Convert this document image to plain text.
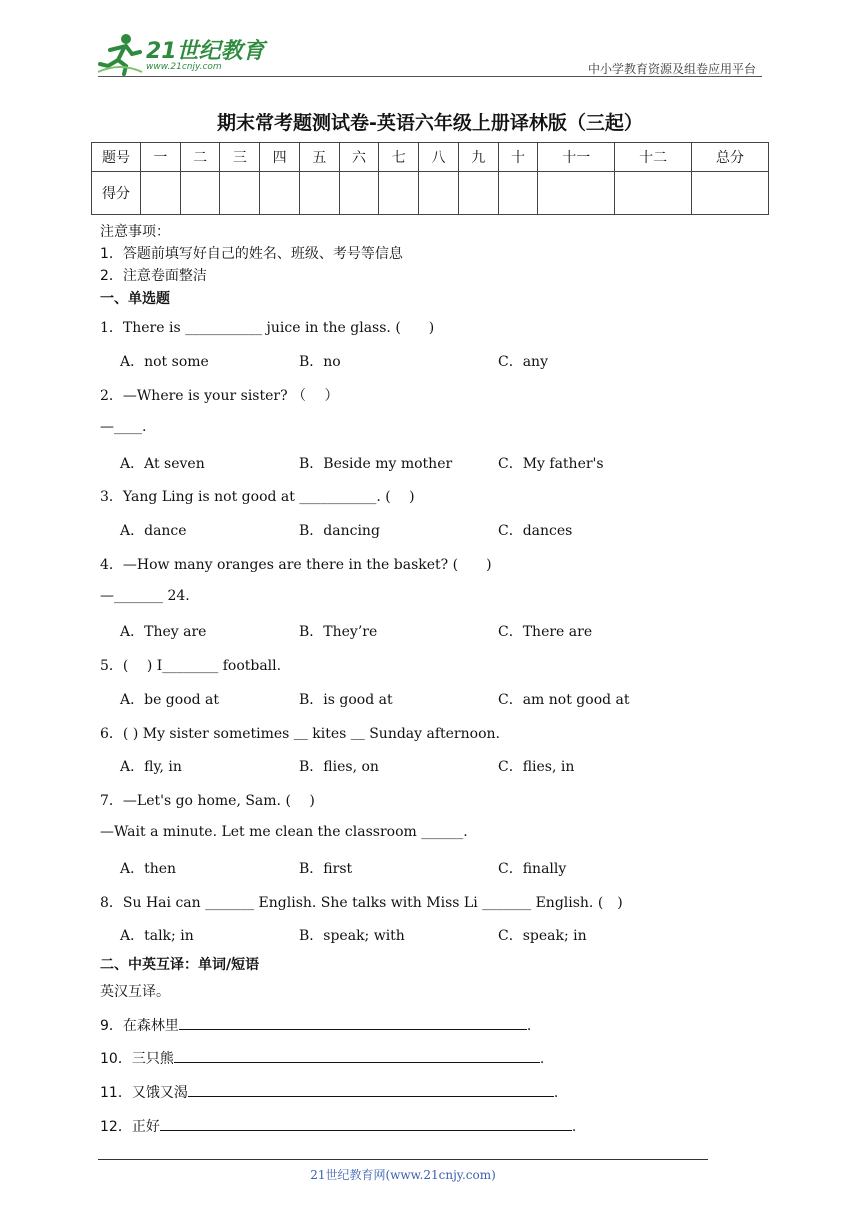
21世纪教育
www.21cnjy.com	中小学教育资源及组卷应用平台
期末常考题测试卷-英语六年级上册译林版（三起）
题号	一	二	三	四	五	六	七	八	九	十	十一	十二	总分
得分													
注意事项：
1．答题前填写好自己的姓名、班级、考号等信息
2．注意卷面整洁
一、单选题
1．There is ___________ juice in the glass. (　　)
A．not some	B．no	C．any
2．—Where is your sister? （　 ）
—____.
A．At seven	B．Beside my mother	C．My father's
3．Yang Ling is not good at ___________. (　 )
A．dance	B．dancing	C．dances
4．—How many oranges are there in the basket? (　　)
—_______ 24.
A．They are	B．They’re	C．There are
5．(　 ) I________ football.
A．be good at	B．is good at	C．am not good at
6．( ) My sister sometimes ＿ kites ＿ Sunday afternoon.
A．fly, in	B．flies, on	C．flies, in
7．—Let's go home, Sam. (　 )
—Wait a minute. Let me clean the classroom ______.
A．then	B．first	C．finally
8．Su Hai can _______ English. She talks with Miss Li _______ English. (　)
A．talk; in	B．speak; with	C．speak; in
二、中英互译：单词/短语
英汉互译。
9．在森林里	.
10．三只熊	.
11．又饿又渴	.
12．正好	.
21世纪教育网(www.21cnjy.com)
